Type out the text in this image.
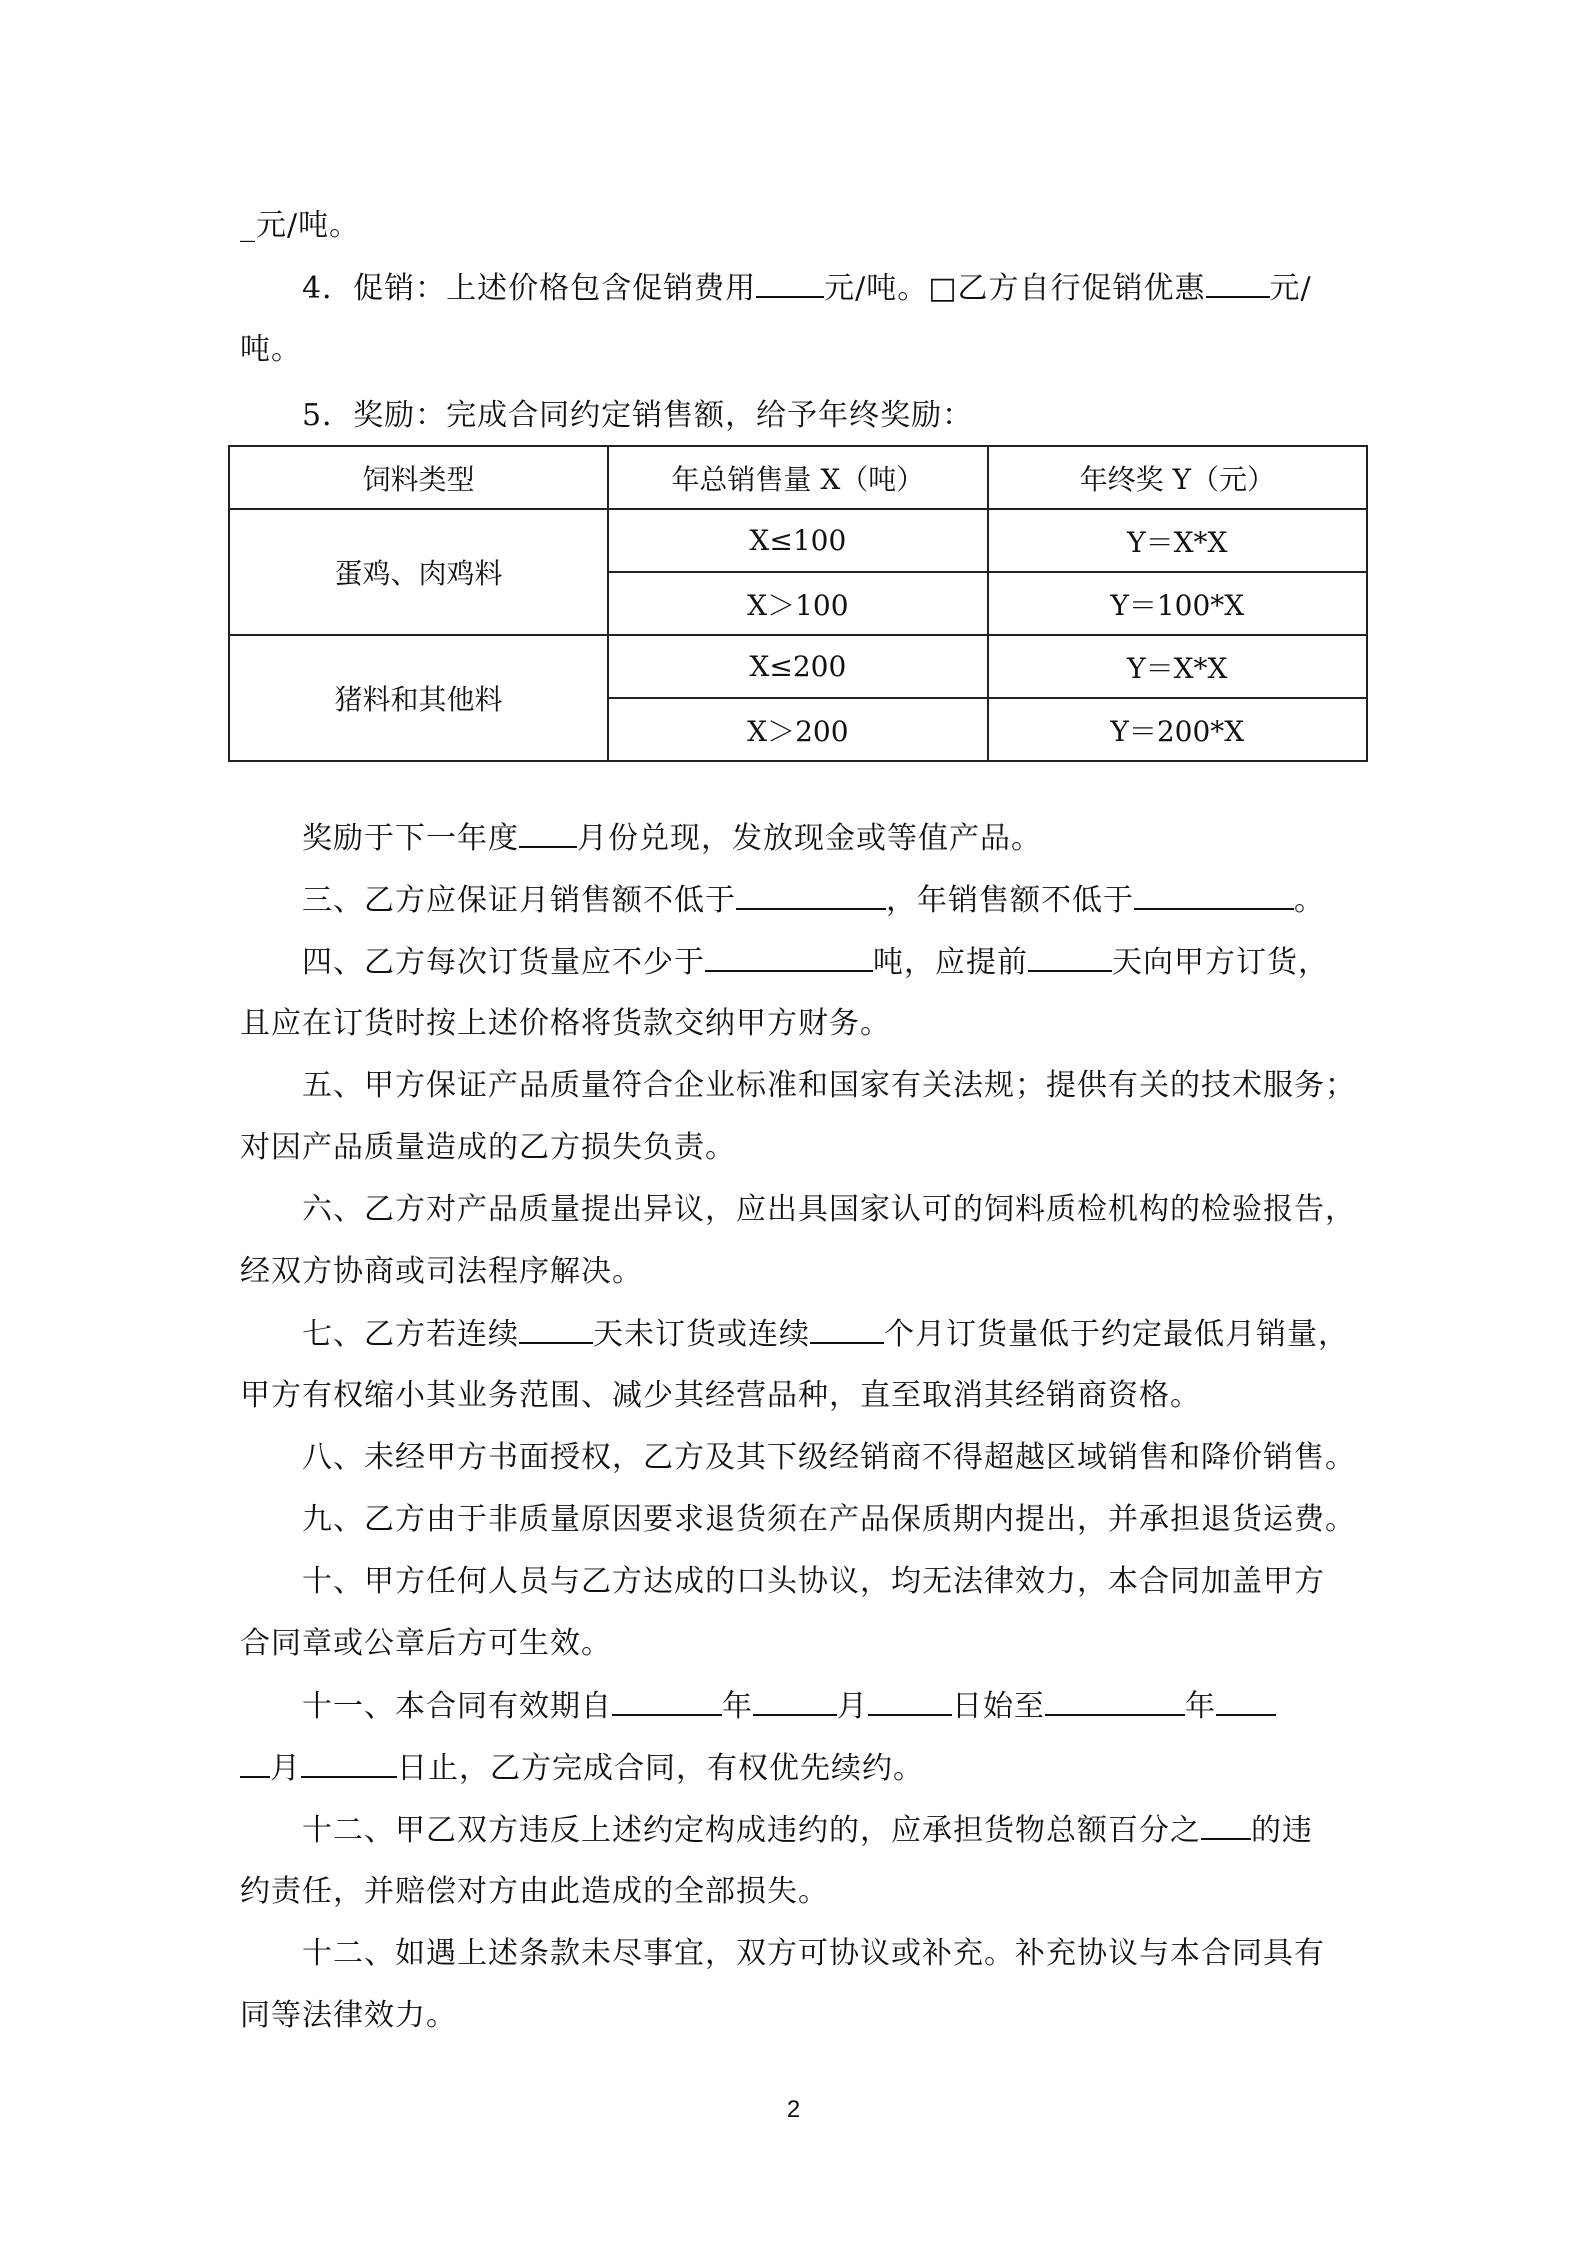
_元/吨。
4．促销：上述价格包含促销费用 元/吨。□乙方自行促销优惠 元/
吨。
5．奖励：完成合同约定销售额，给予年终奖励：
饲料类型	年总销售量 X（吨）	年终奖 Y（元）
蛋鸡、肉鸡料	X≤100	Y＝X*X
	X＞100	Y＝100*X
猪料和其他料	X≤200	Y＝X*X
	X＞200	Y＝200*X
奖励于下一年度 月份兑现，发放现金或等值产品。
三、乙方应保证月销售额不低于	，年销售额不低于	。
四、乙方每次订货量应不少于	吨，应提前	天向甲方订货，
且应在订货时按上述价格将货款交纳甲方财务。
五、甲方保证产品质量符合企业标准和国家有关法规；提供有关的技术服务；
对因产品质量造成的乙方损失负责。
六、乙方对产品质量提出异议，应出具国家认可的饲料质检机构的检验报告，
经双方协商或司法程序解决。
七、乙方若连续 天未订货或连续 个月订货量低于约定最低月销量，
甲方有权缩小其业务范围、减少其经营品种，直至取消其经销商资格。
八、未经甲方书面授权，乙方及其下级经销商不得超越区域销售和降价销售。
九、乙方由于非质量原因要求退货须在产品保质期内提出，并承担退货运费。
十、甲方任何人员与乙方达成的口头协议，均无法律效力，本合同加盖甲方
合同章或公章后方可生效。
十一、本合同有效期自	年	月	日始至	年
月	日止，乙方完成合同，有权优先续约。
十二、甲乙双方违反上述约定构成违约的，应承担货物总额百分之 的违
约责任，并赔偿对方由此造成的全部损失。
十二、如遇上述条款未尽事宜，双方可协议或补充。补充协议与本合同具有
同等法律效力。
2
